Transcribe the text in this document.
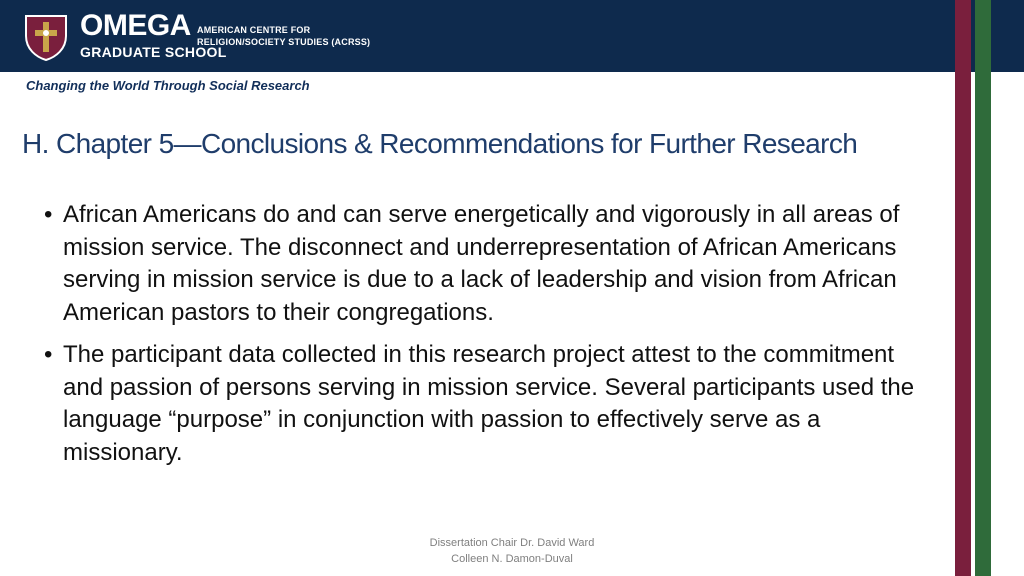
OMEGA
GRADUATE SCHOOL
AMERICAN CENTRE FOR
RELIGION/SOCIETY STUDIES (ACRSS)
Changing the World Through Social Research
H. Chapter 5—Conclusions & Recommendations for Further Research
• African Americans do and can serve energetically and vigorously in all areas of mission service. The disconnect and underrepresentation of African Americans serving in mission service is due to a lack of leadership and vision from African American pastors to their congregations.
• The participant data collected in this research project attest to the commitment and passion of persons serving in mission service. Several participants used the language “purpose” in conjunction with passion to effectively serve as a missionary.
Dissertation Chair Dr. David Ward
Colleen N. Damon-Duval
